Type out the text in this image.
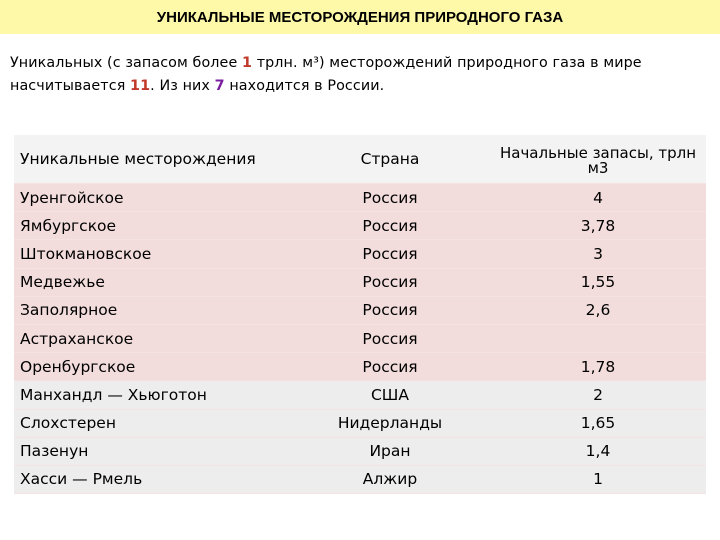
УНИКАЛЬНЫЕ МЕСТОРОЖДЕНИЯ ПРИРОДНОГО ГАЗА
Уникальных (с запасом более 1 трлн. м³) месторождений природного газа в мире насчитывается 11. Из них 7 находится в России.
Уникальные месторождения	Страна	Начальные запасы, трлн м3
Уренгойское	Россия	4
Ямбургское	Россия	3,78
Штокмановское	Россия	3
Медвежье	Россия	1,55
Заполярное	Россия	2,6
Астраханское	Россия	
Оренбургское	Россия	1,78
Манхандл — Хьюготон	США	2
Слохстерен	Нидерланды	1,65
Пазенун	Иран	1,4
Хасси — Рмель	Алжир	1
